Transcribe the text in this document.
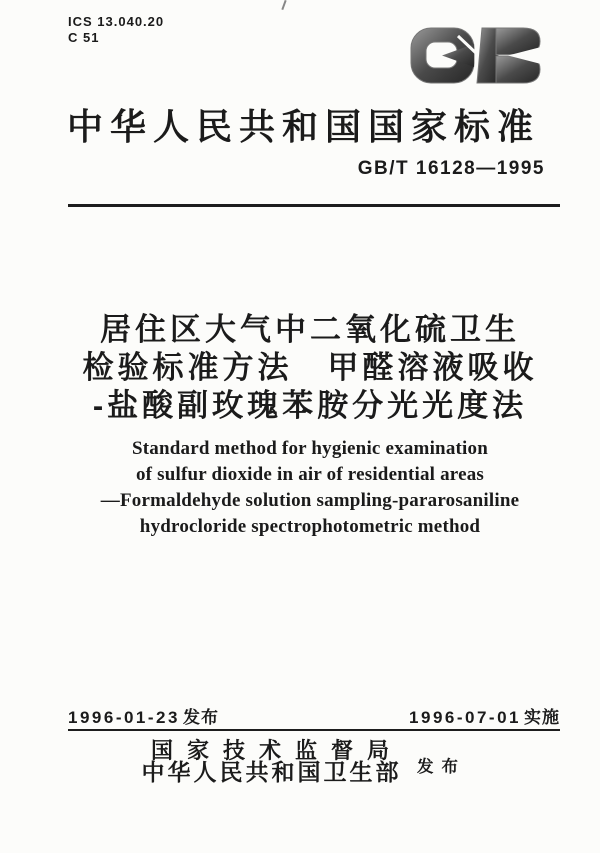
ICS 13.040.20
C 51
中华人民共和国国家标准
GB/T 16128—1995
居住区大气中二氧化硫卫生
检验标准方法　甲醛溶液吸收
-盐酸副玫瑰苯胺分光光度法
Standard method for hygienic examination
of sulfur dioxide in air of residential areas
—Formaldehyde solution sampling-pararosaniline
hydrocloride spectrophotometric method
1996-01-23 发布	1996-07-01 实施
国家技术监督局
中华人民共和国卫生部 发布
